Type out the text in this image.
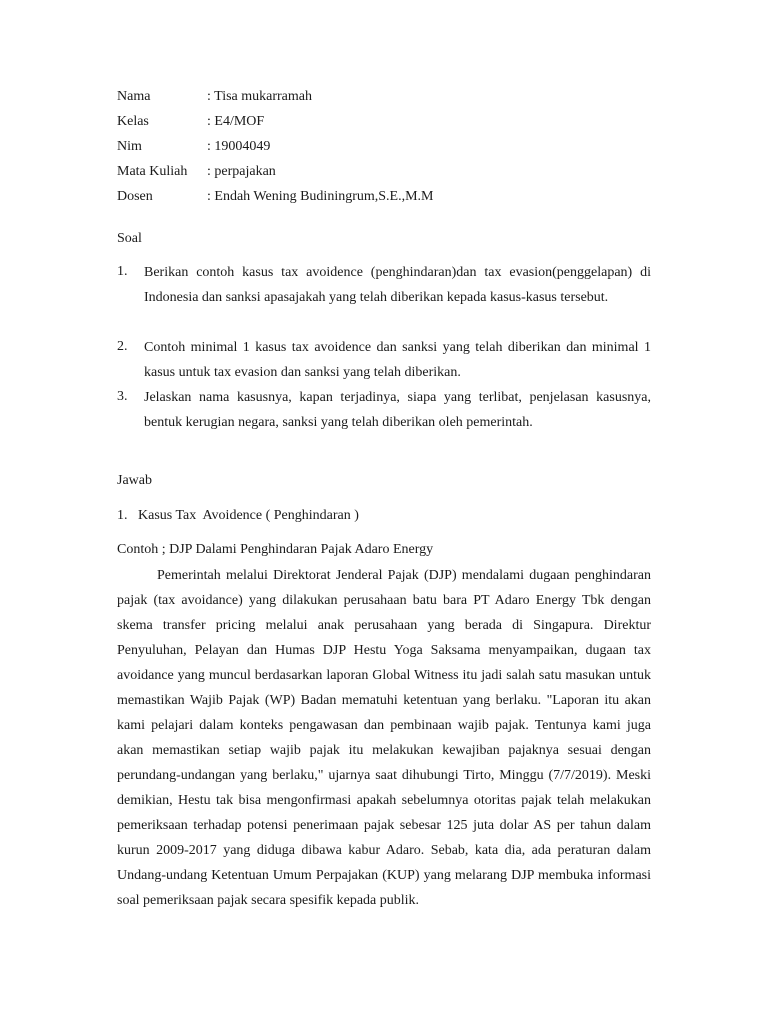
Nama	: Tisa mukarramah
Kelas	: E4/MOF
Nim	: 19004049
Mata Kuliah : perpajakan
Dosen	: Endah Wening Budiningrum,S.E.,M.M
Soal
1. Berikan contoh kasus tax avoidence (penghindaran)dan tax evasion(penggelapan) di Indonesia dan sanksi apasajakah yang telah diberikan kepada kasus-kasus tersebut.
2. Contoh minimal 1 kasus tax avoidence dan sanksi yang telah diberikan dan minimal 1 kasus untuk tax evasion dan sanksi yang telah diberikan.
3. Jelaskan nama kasusnya, kapan terjadinya, siapa yang terlibat, penjelasan kasusnya, bentuk kerugian negara, sanksi yang telah diberikan oleh pemerintah.
Jawab
1.   Kasus Tax  Avoidence ( Penghindaran )
Contoh ; DJP Dalami Penghindaran Pajak Adaro Energy
Pemerintah melalui Direktorat Jenderal Pajak (DJP) mendalami dugaan penghindaran pajak (tax avoidance) yang dilakukan perusahaan batu bara PT Adaro Energy Tbk dengan skema transfer pricing melalui anak perusahaan yang berada di Singapura. Direktur Penyuluhan, Pelayan dan Humas DJP Hestu Yoga Saksama menyampaikan, dugaan tax avoidance yang muncul berdasarkan laporan Global Witness itu jadi salah satu masukan untuk memastikan Wajib Pajak (WP) Badan mematuhi ketentuan yang berlaku. "Laporan itu akan kami pelajari dalam konteks pengawasan dan pembinaan wajib pajak. Tentunya kami juga akan memastikan setiap wajib pajak itu melakukan kewajiban pajaknya sesuai dengan perundang-undangan yang berlaku," ujarnya saat dihubungi Tirto, Minggu (7/7/2019). Meski demikian, Hestu tak bisa mengonfirmasi apakah sebelumnya otoritas pajak telah melakukan pemeriksaan terhadap potensi penerimaan pajak sebesar 125 juta dolar AS per tahun dalam kurun 2009-2017 yang diduga dibawa kabur Adaro. Sebab, kata dia, ada peraturan dalam Undang-undang Ketentuan Umum Perpajakan (KUP) yang melarang DJP membuka informasi soal pemeriksaan pajak secara spesifik kepada publik.
